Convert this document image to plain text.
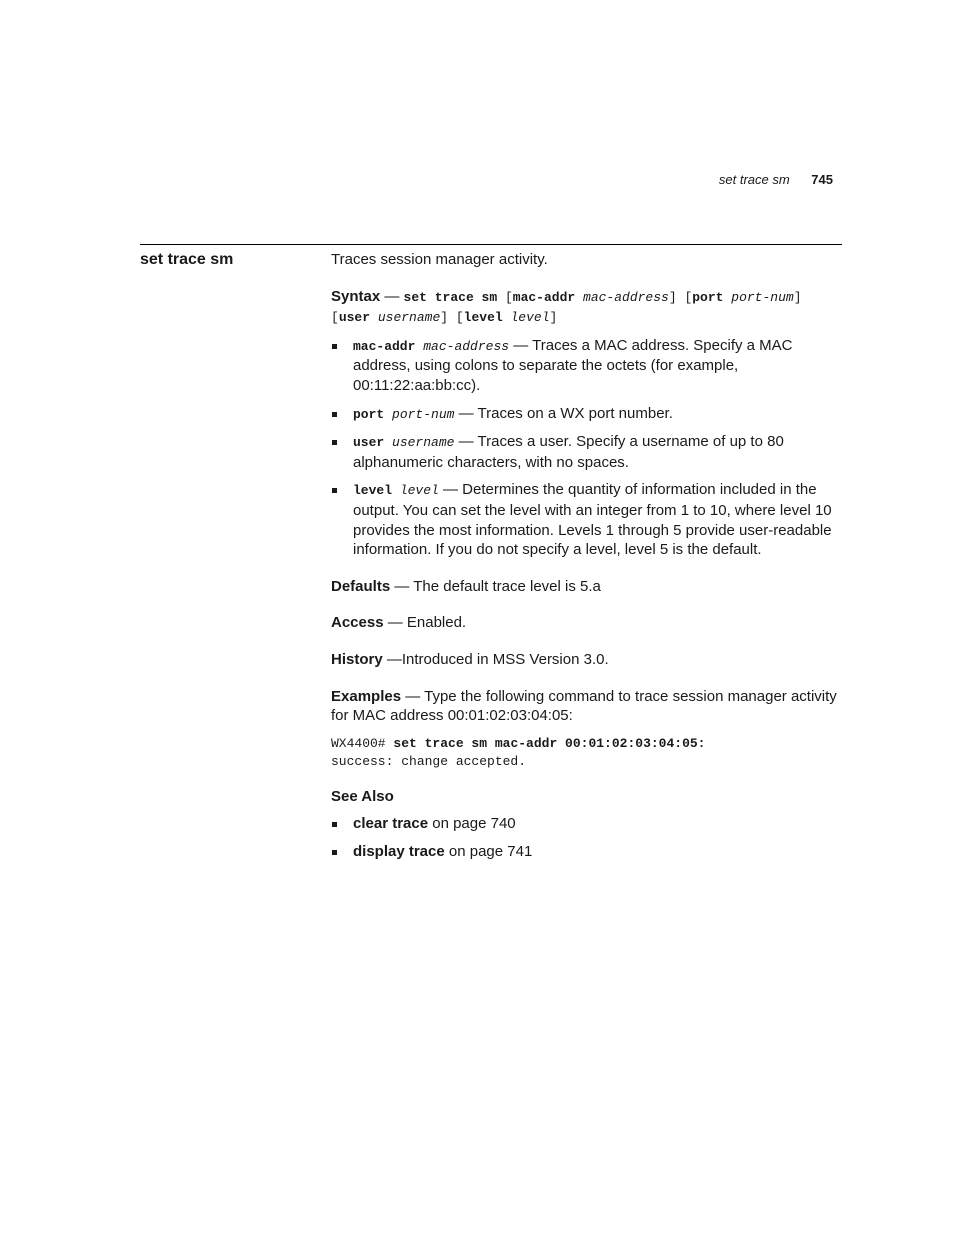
set trace sm 745
set trace sm	Traces session manager activity.

Syntax — set trace sm [mac-addr mac-address] [port port-num] [user username] [level level]

mac-addr mac-address — Traces a MAC address. Specify a MAC address, using colons to separate the octets (for example, 00:11:22:aa:bb:cc).
port port-num — Traces on a WX port number.
user username — Traces a user. Specify a username of up to 80 alphanumeric characters, with no spaces.
level level — Determines the quantity of information included in the output. You can set the level with an integer from 1 to 10, where level 10 provides the most information. Levels 1 through 5 provide user-readable information. If you do not specify a level, level 5 is the default.

Defaults — The default trace level is 5.a

Access — Enabled.

History —Introduced in MSS Version 3.0.

Examples — Type the following command to trace session manager activity for MAC address 00:01:02:03:04:05:

WX4400# set trace sm mac-addr 00:01:02:03:04:05:
success: change accepted.

See Also

clear trace on page 740
display trace on page 741
